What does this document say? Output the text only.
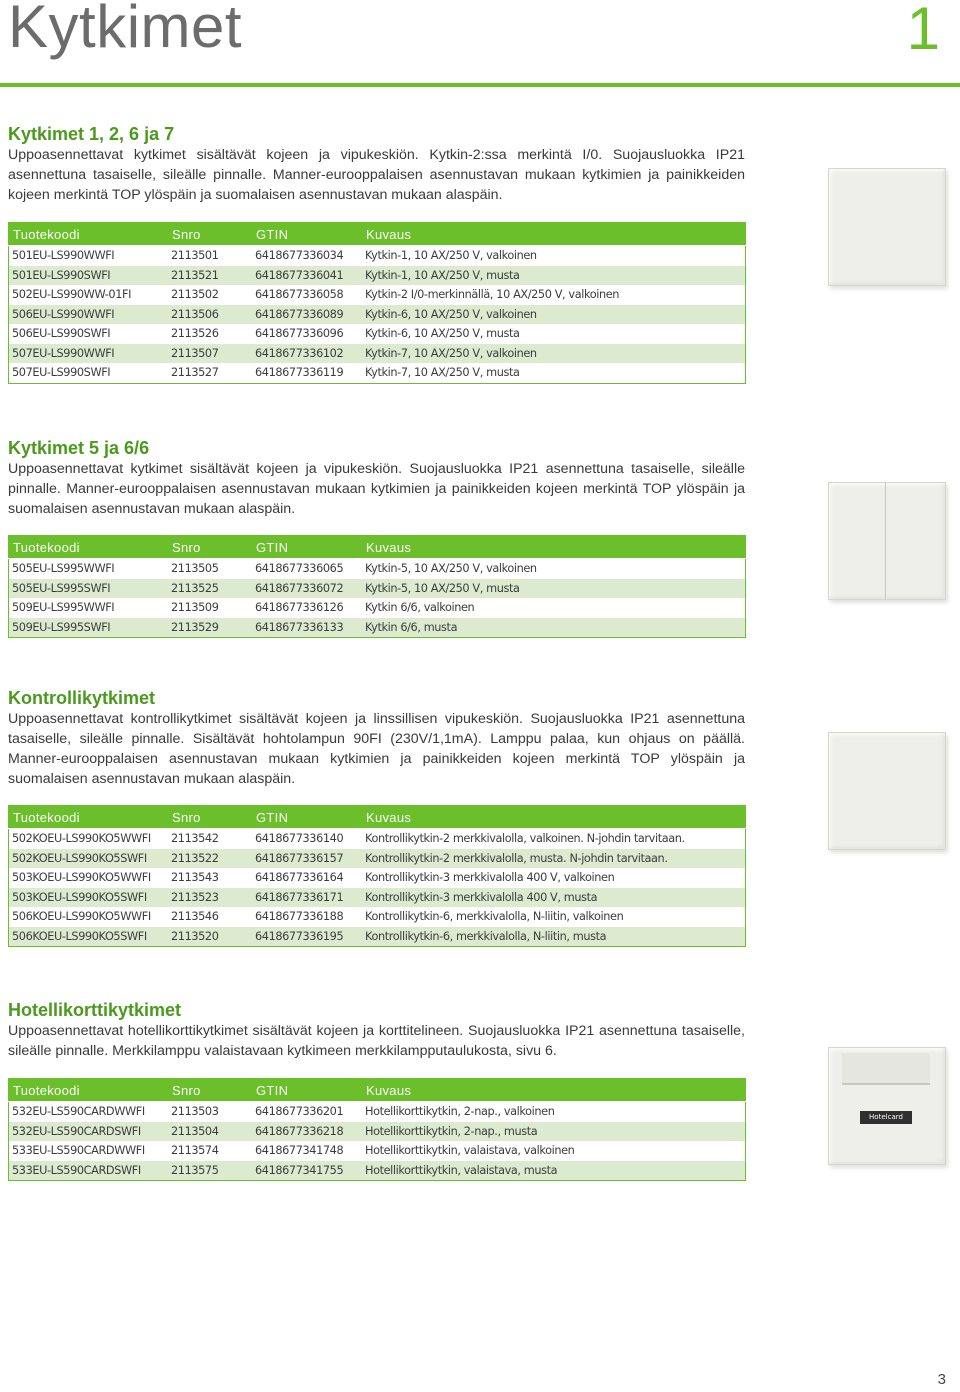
Kytkimet	1
Kytkimet 1, 2, 6 ja 7

Uppoasennettavat kytkimet sisältävät kojeen ja vipukeskiön. Kytkin-2:ssa merkintä I/0. Suojausluokka IP21 asennettuna tasaiselle, sileälle pinnalle. Manner-eurooppalaisen asennustavan mukaan kytkimien ja painikkeiden kojeen merkintä TOP ylöspäin ja suomalaisen asennustavan mukaan alaspäin.

Tuotekoodi	Snro	GTIN	Kuvaus
501EU-LS990WWFI	2113501	6418677336034	Kytkin-1, 10 AX/250 V, valkoinen
501EU-LS990SWFI	2113521	6418677336041	Kytkin-1, 10 AX/250 V, musta
502EU-LS990WW-01FI	2113502	6418677336058	Kytkin-2 I/0-merkinnällä, 10 AX/250 V, valkoinen
506EU-LS990WWFI	2113506	6418677336089	Kytkin-6, 10 AX/250 V, valkoinen
506EU-LS990SWFI	2113526	6418677336096	Kytkin-6, 10 AX/250 V, musta
507EU-LS990WWFI	2113507	6418677336102	Kytkin-7, 10 AX/250 V, valkoinen
507EU-LS990SWFI	2113527	6418677336119	Kytkin-7, 10 AX/250 V, musta
Kytkimet 5 ja 6/6

Uppoasennettavat kytkimet sisältävät kojeen ja vipukeskiön. Suojausluokka IP21 asennettuna tasaiselle, sileälle pinnalle. Manner-eurooppalaisen asennustavan mukaan kytkimien ja painikkeiden kojeen merkintä TOP ylöspäin ja suomalaisen asennustavan mukaan alaspäin.

Tuotekoodi	Snro	GTIN	Kuvaus
505EU-LS995WWFI	2113505	6418677336065	Kytkin-5, 10 AX/250 V, valkoinen
505EU-LS995SWFI	2113525	6418677336072	Kytkin-5, 10 AX/250 V, musta
509EU-LS995WWFI	2113509	6418677336126	Kytkin 6/6, valkoinen
509EU-LS995SWFI	2113529	6418677336133	Kytkin 6/6, musta
Kontrollikytkimet

Uppoasennettavat kontrollikytkimet sisältävät kojeen ja linssillisen vipukeskiön. Suojausluokka IP21 asennettuna tasaiselle, sileälle pinnalle. Sisältävät hohtolampun 90FI (230V/1,1mA). Lamppu palaa, kun ohjaus on päällä. Manner-eurooppalaisen asennustavan mukaan kytkimien ja painikkeiden kojeen merkintä TOP ylöspäin ja suomalaisen asennustavan mukaan alaspäin.

Tuotekoodi	Snro	GTIN	Kuvaus
502KOEU-LS990KO5WWFI	2113542	6418677336140	Kontrollikytkin-2 merkkivalolla, valkoinen. N-johdin tarvitaan.
502KOEU-LS990KO5SWFI	2113522	6418677336157	Kontrollikytkin-2 merkkivalolla, musta. N-johdin tarvitaan.
503KOEU-LS990KO5WWFI	2113543	6418677336164	Kontrollikytkin-3 merkkivalolla 400 V, valkoinen
503KOEU-LS990KO5SWFI	2113523	6418677336171	Kontrollikytkin-3 merkkivalolla 400 V, musta
506KOEU-LS990KO5WWFI	2113546	6418677336188	Kontrollikytkin-6, merkkivalolla, N-liitin, valkoinen
506KOEU-LS990KO5SWFI	2113520	6418677336195	Kontrollikytkin-6, merkkivalolla, N-liitin, musta
Hotellikorttikytkimet

Uppoasennettavat hotellikorttikytkimet sisältävät kojeen ja korttitelineen. Suojausluokka IP21 asennettuna tasaiselle, sileälle pinnalle. Merkkilamppu valaistavaan kytkimeen merkkilampputaulukosta, sivu 6.

Tuotekoodi	Snro	GTIN	Kuvaus
532EU-LS590CARDWWFI	2113503	6418677336201	Hotellikorttikytkin, 2-nap., valkoinen
532EU-LS590CARDSWFI	2113504	6418677336218	Hotellikorttikytkin, 2-nap., musta
533EU-LS590CARDWWFI	2113574	6418677341748	Hotellikorttikytkin, valaistava, valkoinen
533EU-LS590CARDSWFI	2113575	6418677341755	Hotellikorttikytkin, valaistava, musta
Hotelcard
3
